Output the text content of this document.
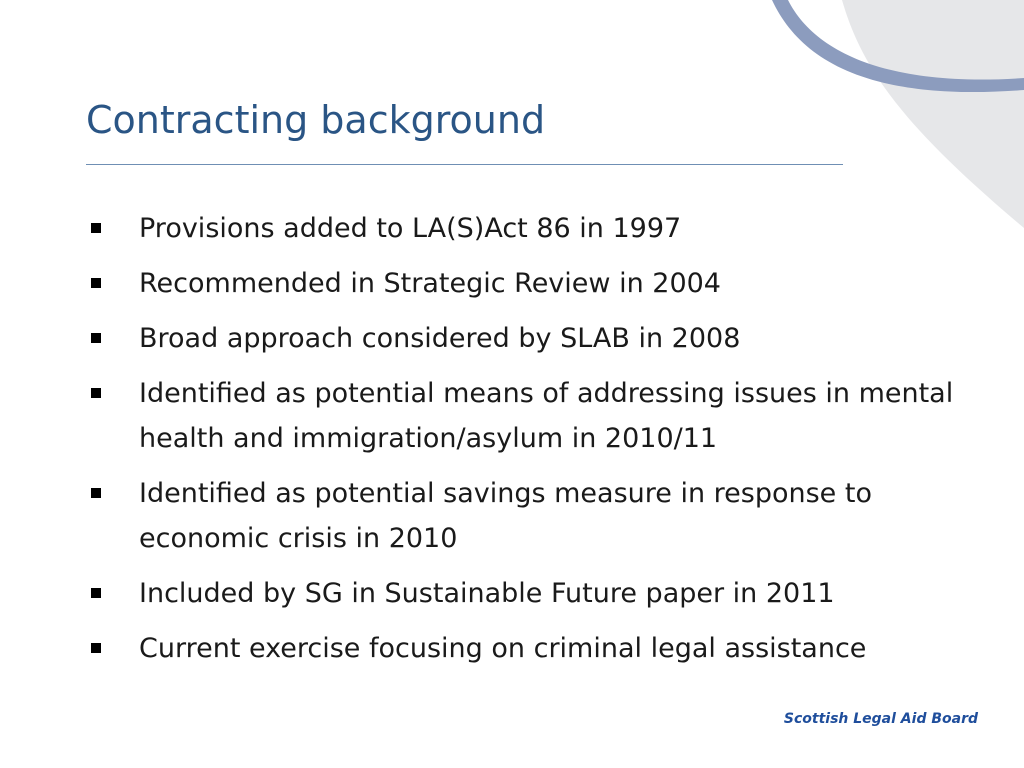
Contracting background
Provisions added to LA(S)Act 86 in 1997
Recommended in Strategic Review in 2004
Broad approach considered by SLAB in 2008
Identified as potential means of addressing issues in mental health and immigration/asylum in 2010/11
Identified as potential savings measure in response to economic crisis in 2010
Included by SG in Sustainable Future paper in 2011
Current exercise focusing on criminal legal assistance
Scottish Legal Aid Board
